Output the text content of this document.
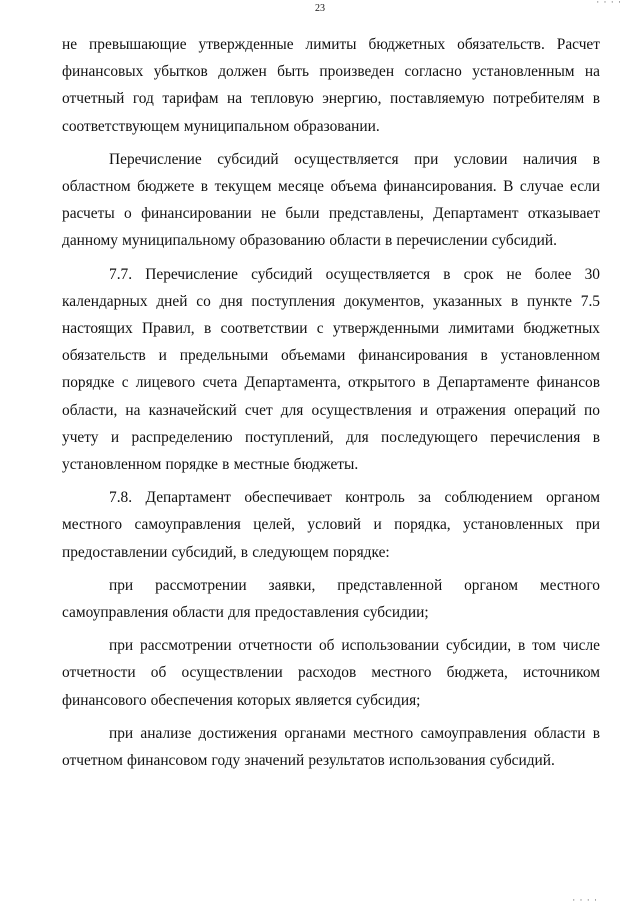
· · · ·
23

не превышающие утвержденные лимиты бюджетных обязательств. Расчет финансовых убытков должен быть произведен согласно установленным на отчетный год тарифам на тепловую энергию, поставляемую потребителям в соответствующем муниципальном образовании.

Перечисление субсидий осуществляется при условии наличия в областном бюджете в текущем месяце объема финансирования. В случае если расчеты о финансировании не были представлены, Департамент отказывает данному муниципальному образованию области в перечислении субсидий.

7.7. Перечисление субсидий осуществляется в срок не более 30 календарных дней со дня поступления документов, указанных в пункте 7.5 настоящих Правил, в соответствии с утвержденными лимитами бюджетных обязательств и предельными объемами финансирования в установленном порядке с лицевого счета Департамента, открытого в Департаменте финансов области, на казначейский счет для осуществления и отражения операций по учету и распределению поступлений, для последующего перечисления в установленном порядке в местные бюджеты.

7.8. Департамент обеспечивает контроль за соблюдением органом местного самоуправления целей, условий и порядка, установленных при предоставлении субсидий, в следующем порядке:

при рассмотрении заявки, представленной органом местного самоуправления области для предоставления субсидии;

при рассмотрении отчетности об использовании субсидии, в том числе отчетности об осуществлении расходов местного бюджета, источником финансового обеспечения которых является субсидия;

при анализе достижения органами местного самоуправления области в отчетном финансовом году значений результатов использования субсидий.

· · · ·
